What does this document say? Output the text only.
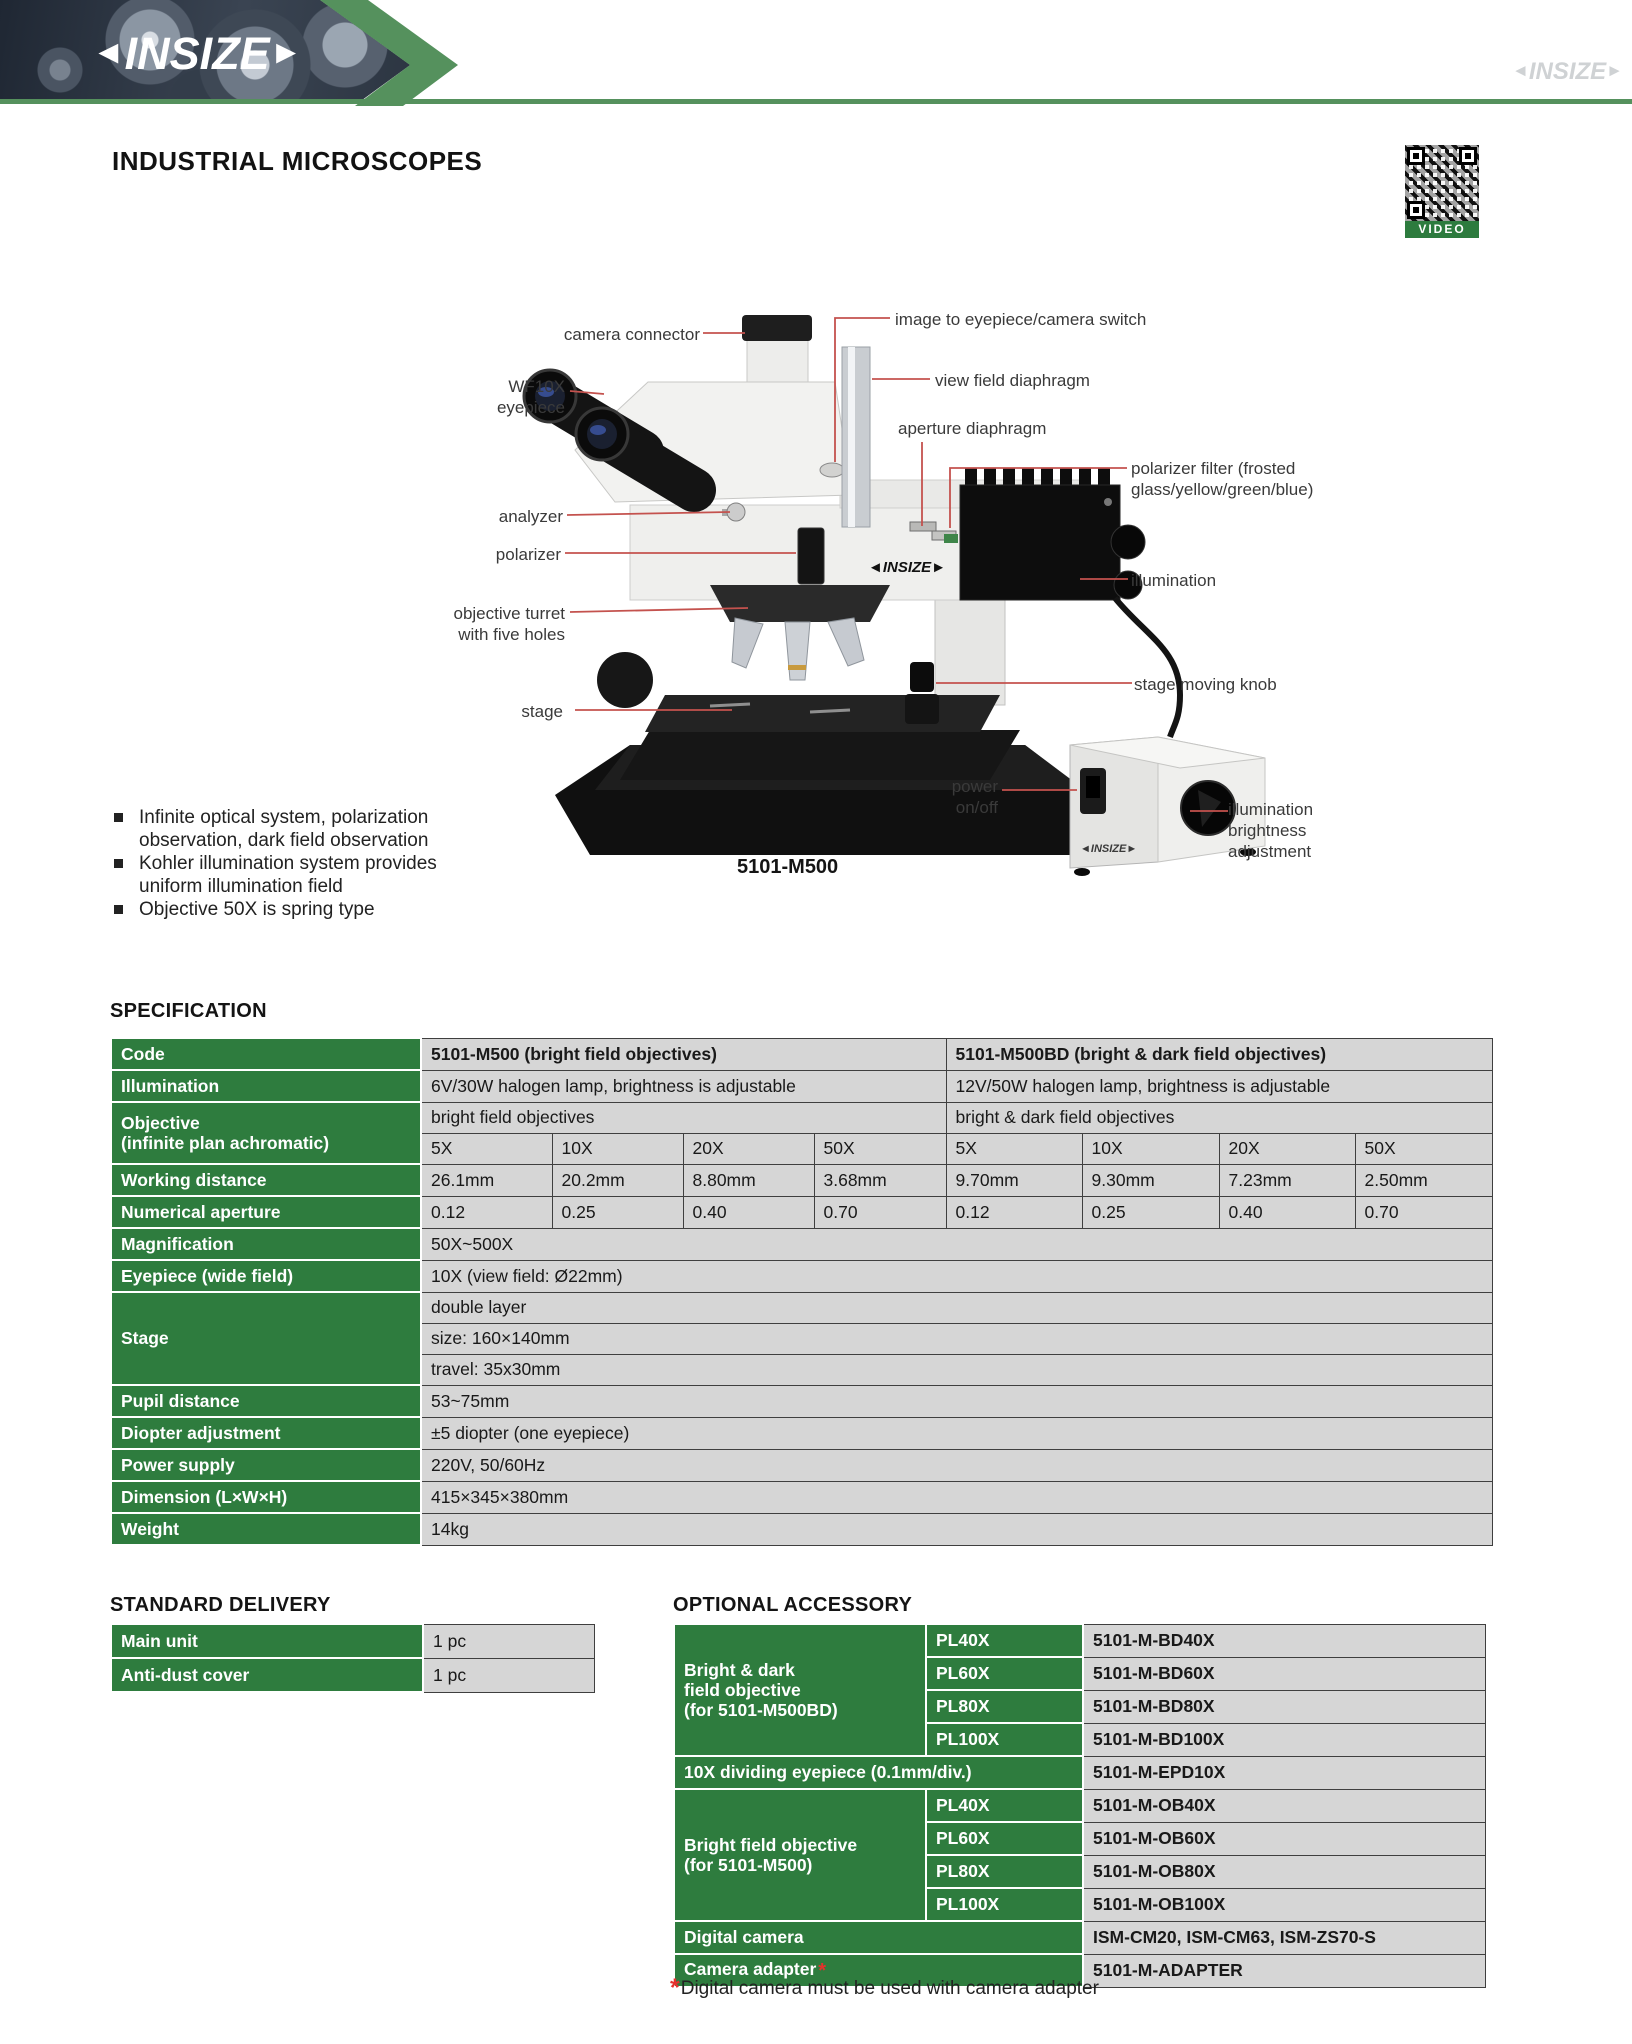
◄INSIZE►
◄INSIZE►
INDUSTRIAL MICROSCOPES
VIDEO
◄INSIZE►
◄INSIZE►
camera connector
WF10X
eyepiece
analyzer
polarizer
objective turret
with five holes
stage
image to eyepiece/camera switch
view field diaphragm
aperture diaphragm
polarizer filter (frosted
glass/yellow/green/blue)
illumination
stage moving knob
power
on/off	illumination
brightness
adjustment
5101-M500
Infinite optical system, polarization
observation, dark field observation
Kohler illumination system provides
uniform illumination field
Objective 50X is spring type
SPECIFICATION
Code	5101-M500 (bright field objectives)				5101-M500BD (bright & dark field objectives)			
Illumination	6V/30W halogen lamp, brightness is adjustable				12V/50W halogen lamp, brightness is adjustable			

Objective
(infinite plan achromatic)	bright field objectives				bright & dark field objectives			
	5X	10X	20X	50X	5X	10X	20X	50X
Working distance	26.1mm	20.2mm	8.80mm	3.68mm	9.70mm	9.30mm	7.23mm	2.50mm
Numerical aperture	0.12	0.25	0.40	0.70	0.12	0.25	0.40	0.70
Magnification	50X~500X							
Eyepiece (wide field)	10X (view field: Ø22mm)							
Stage	double layer							
	size: 160×140mm							
	travel: 35x30mm							
Pupil distance	53~75mm							
Diopter adjustment	±5 diopter (one eyepiece)							
Power supply	220V, 50/60Hz							
Dimension (L×W×H)	415×345×380mm							
Weight	14kg							
STANDARD DELIVERY
Main unit	1 pc
Anti-dust cover	1 pc
OPTIONAL ACCESSORY
Bright & dark
field objective
(for 5101-M500BD)	PL40X	5101-M-BD40X
	PL60X	5101-M-BD60X
	PL80X	5101-M-BD80X
	PL100X	5101-M-BD100X
10X dividing eyepiece (0.1mm/div.)		5101-M-EPD10X

Bright field objective
(for 5101-M500)	PL40X	5101-M-OB40X
	PL60X	5101-M-OB60X
	PL80X	5101-M-OB80X
	PL100X	5101-M-OB100X
Digital camera		ISM-CM20, ISM-CM63, ISM-ZS70-S
Camera adapter *		5101-M-ADAPTER
*Digital camera must be used with camera adapter
